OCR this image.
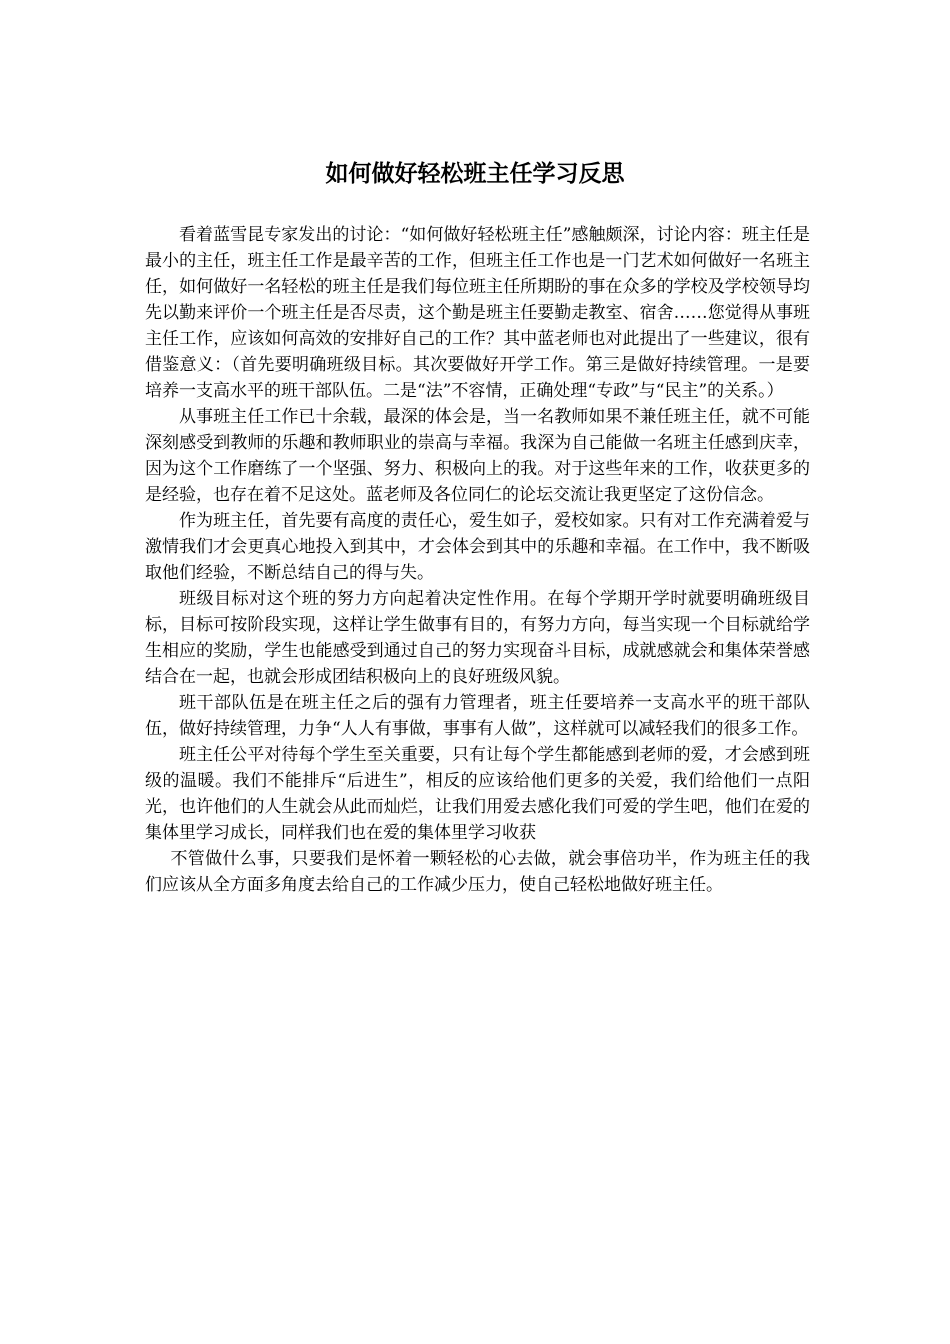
如何做好轻松班主任学习反思

看着蓝雪昆专家发出的讨论：“如何做好轻松班主任”感触颇深，讨论内容：班主任是最小的主任，班主任工作是最辛苦的工作，但班主任工作也是一门艺术如何做好一名班主任，如何做好一名轻松的班主任是我们每位班主任所期盼的事在众多的学校及学校领导均先以勤来评价一个班主任是否尽责，这个勤是班主任要勤走教室、宿舍……您觉得从事班主任工作，应该如何高效的安排好自己的工作？其中蓝老师也对此提出了一些建议，很有借鉴意义：（首先要明确班级目标。其次要做好开学工作。第三是做好持续管理。一是要培养一支高水平的班干部队伍。二是“法”不容情，正确处理“专政”与“民主”的关系。）

从事班主任工作已十余载，最深的体会是，当一名教师如果不兼任班主任，就不可能深刻感受到教师的乐趣和教师职业的崇高与幸福。我深为自己能做一名班主任感到庆幸，因为这个工作磨练了一个坚强、努力、积极向上的我。对于这些年来的工作，收获更多的是经验，也存在着不足这处。蓝老师及各位同仁的论坛交流让我更坚定了这份信念。

作为班主任，首先要有高度的责任心，爱生如子，爱校如家。只有对工作充满着爱与激情我们才会更真心地投入到其中，才会体会到其中的乐趣和幸福。在工作中，我不断吸取他们经验，不断总结自己的得与失。

班级目标对这个班的努力方向起着决定性作用。在每个学期开学时就要明确班级目标，目标可按阶段实现，这样让学生做事有目的，有努力方向，每当实现一个目标就给学生相应的奖励，学生也能感受到通过自己的努力实现奋斗目标，成就感就会和集体荣誉感结合在一起，也就会形成团结积极向上的良好班级风貌。

班干部队伍是在班主任之后的强有力管理者，班主任要培养一支高水平的班干部队伍，做好持续管理，力争“人人有事做，事事有人做”，这样就可以减轻我们的很多工作。

班主任公平对待每个学生至关重要，只有让每个学生都能感到老师的爱，才会感到班级的温暖。我们不能排斥“后进生”，相反的应该给他们更多的关爱，我们给他们一点阳光，也许他们的人生就会从此而灿烂，让我们用爱去感化我们可爱的学生吧，他们在爱的集体里学习成长，同样我们也在爱的集体里学习收获

不管做什么事，只要我们是怀着一颗轻松的心去做，就会事倍功半，作为班主任的我们应该从全方面多角度去给自己的工作减少压力，使自己轻松地做好班主任。
